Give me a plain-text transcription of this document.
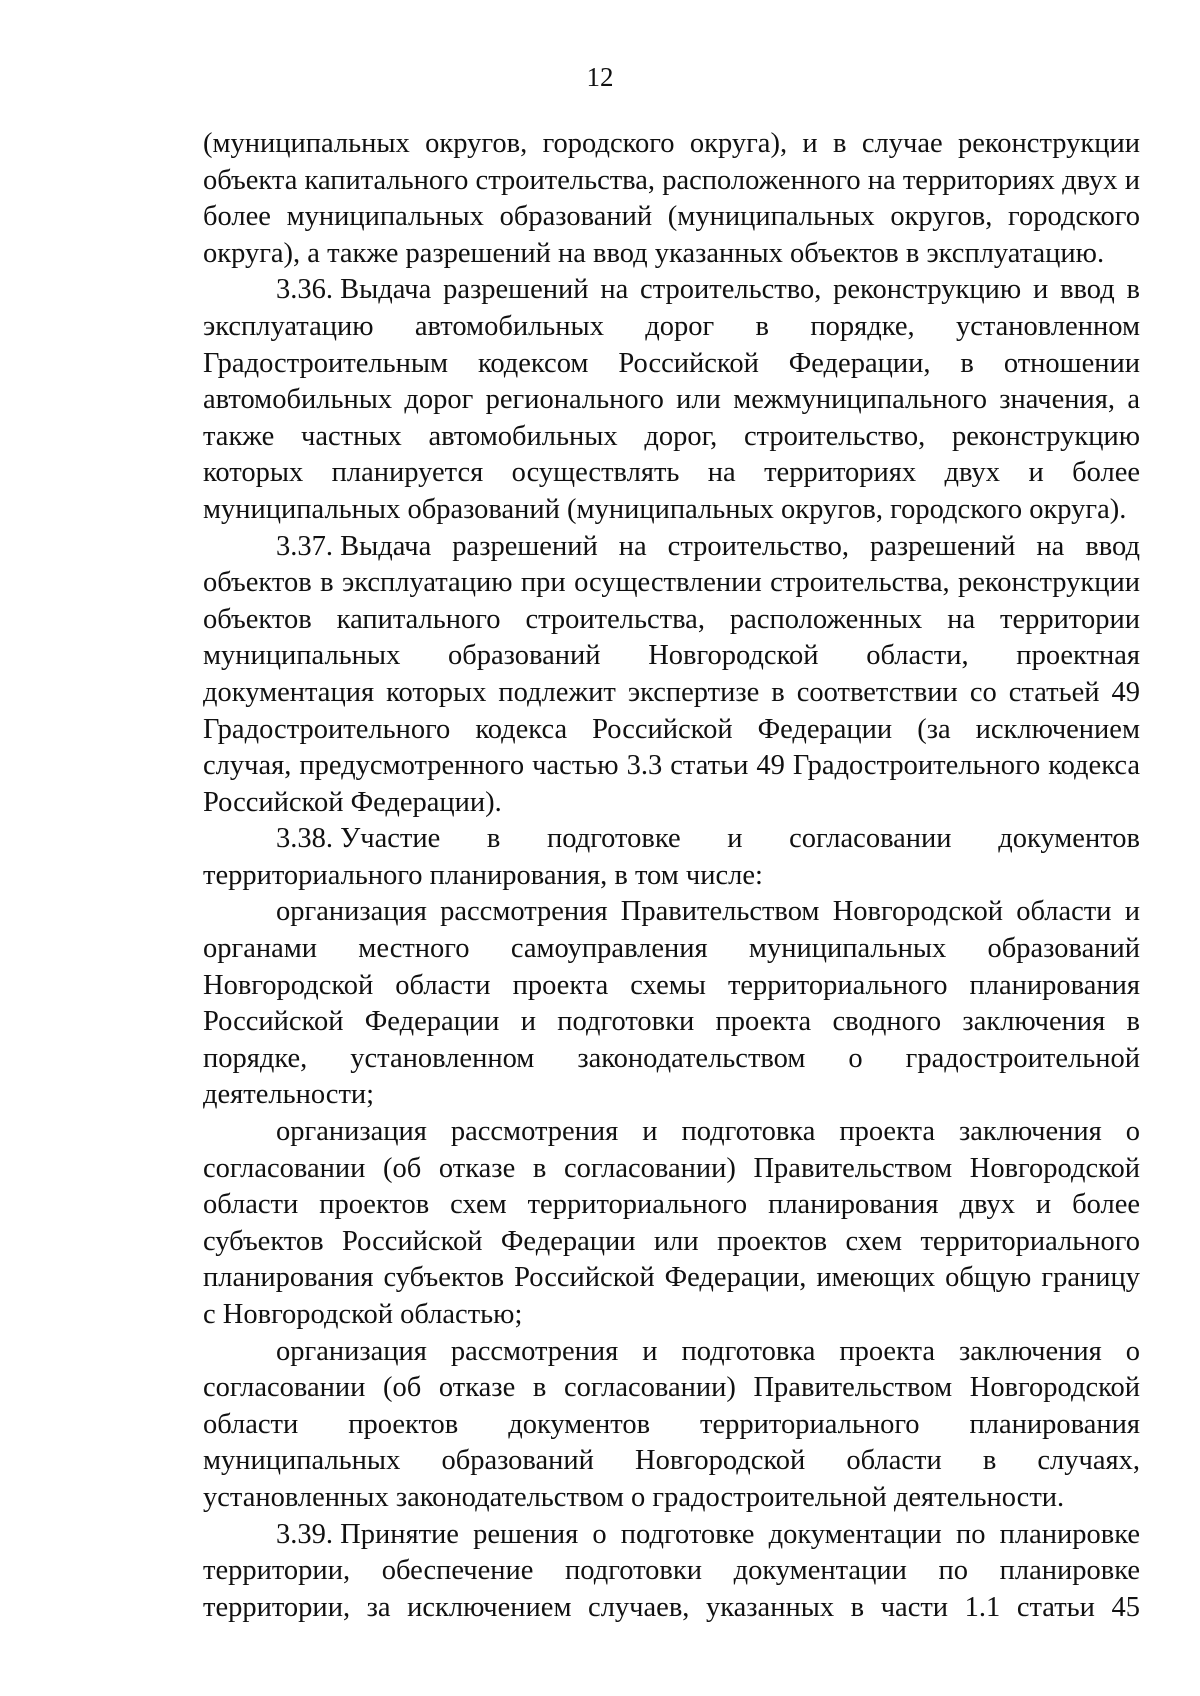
12

(муниципальных округов, городского округа), и в случае реконструкции объекта капитального строительства, расположенного на территориях двух и более муниципальных образований (муниципальных округов, городского округа), а также разрешений на ввод указанных объектов в эксплуатацию.

3.36. Выдача разрешений на строительство, реконструкцию и ввод в эксплуатацию автомобильных дорог в порядке, установленном Градостроительным кодексом Российской Федерации, в отношении автомобильных дорог регионального или межмуниципального значения, а также частных автомобильных дорог, строительство, реконструкцию которых планируется осуществлять на территориях двух и более муниципальных образований (муниципальных округов, городского округа).

3.37. Выдача разрешений на строительство, разрешений на ввод объектов в эксплуатацию при осуществлении строительства, реконструкции объектов капитального строительства, расположенных на территории муниципальных образований Новгородской области, проектная документация которых подлежит экспертизе в соответствии со статьей 49 Градостроительного кодекса Российской Федерации (за исключением случая, предусмотренного частью 3.3 статьи 49 Градостроительного кодекса Российской Федерации).

3.38. Участие в подготовке и согласовании документов территориального планирования, в том числе:

организация рассмотрения Правительством Новгородской области и органами местного самоуправления муниципальных образований Новгородской области проекта схемы территориального планирования Российской Федерации и подготовки проекта сводного заключения в порядке, установленном законодательством о градостроительной деятельности;

организация рассмотрения и подготовка проекта заключения о согласовании (об отказе в согласовании) Правительством Новгородской области проектов схем территориального планирования двух и более субъектов Российской Федерации или проектов схем территориального планирования субъектов Российской Федерации, имеющих общую границу с Новгородской областью;

организация рассмотрения и подготовка проекта заключения о согласовании (об отказе в согласовании) Правительством Новгородской области проектов документов территориального планирования муниципальных образований Новгородской области в случаях, установленных законодательством о градостроительной деятельности.

3.39. Принятие решения о подготовке документации по планировке территории, обеспечение подготовки документации по планировке территории, за исключением случаев, указанных в части 1.1 статьи 45
